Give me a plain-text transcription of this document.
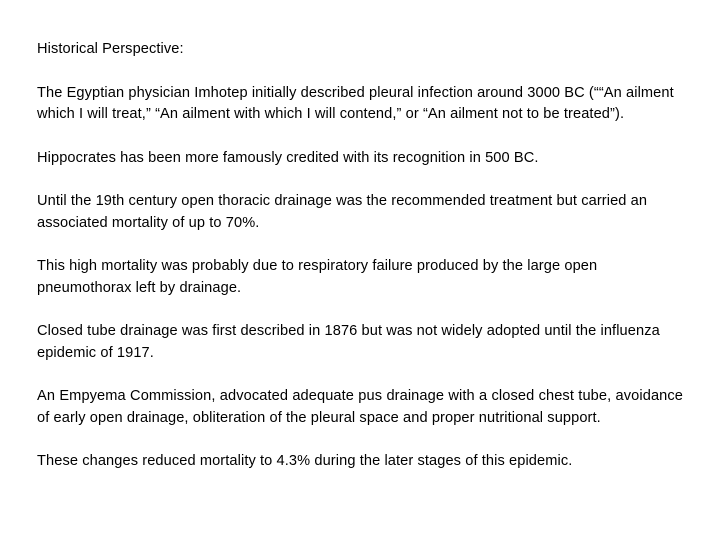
Historical Perspective:

The Egyptian physician Imhotep initially described pleural infection around 3000 BC (““An ailment which I will treat,” “An ailment with which I will contend,” or “An ailment not to be treated”).

Hippocrates has been more famously credited with its recognition in 500 BC.

Until the 19th century open thoracic drainage was the recommended treatment but carried an associated mortality of up to 70%.

This high mortality was probably due to respiratory failure produced by the large open pneumothorax left by drainage.

Closed tube drainage was first described in 1876 but was not widely adopted until the influenza epidemic of 1917.

An Empyema Commission, advocated adequate pus drainage with a closed chest tube, avoidance of early open drainage, obliteration of the pleural space and proper nutritional support.

These changes reduced mortality to 4.3% during the later stages of this epidemic.
